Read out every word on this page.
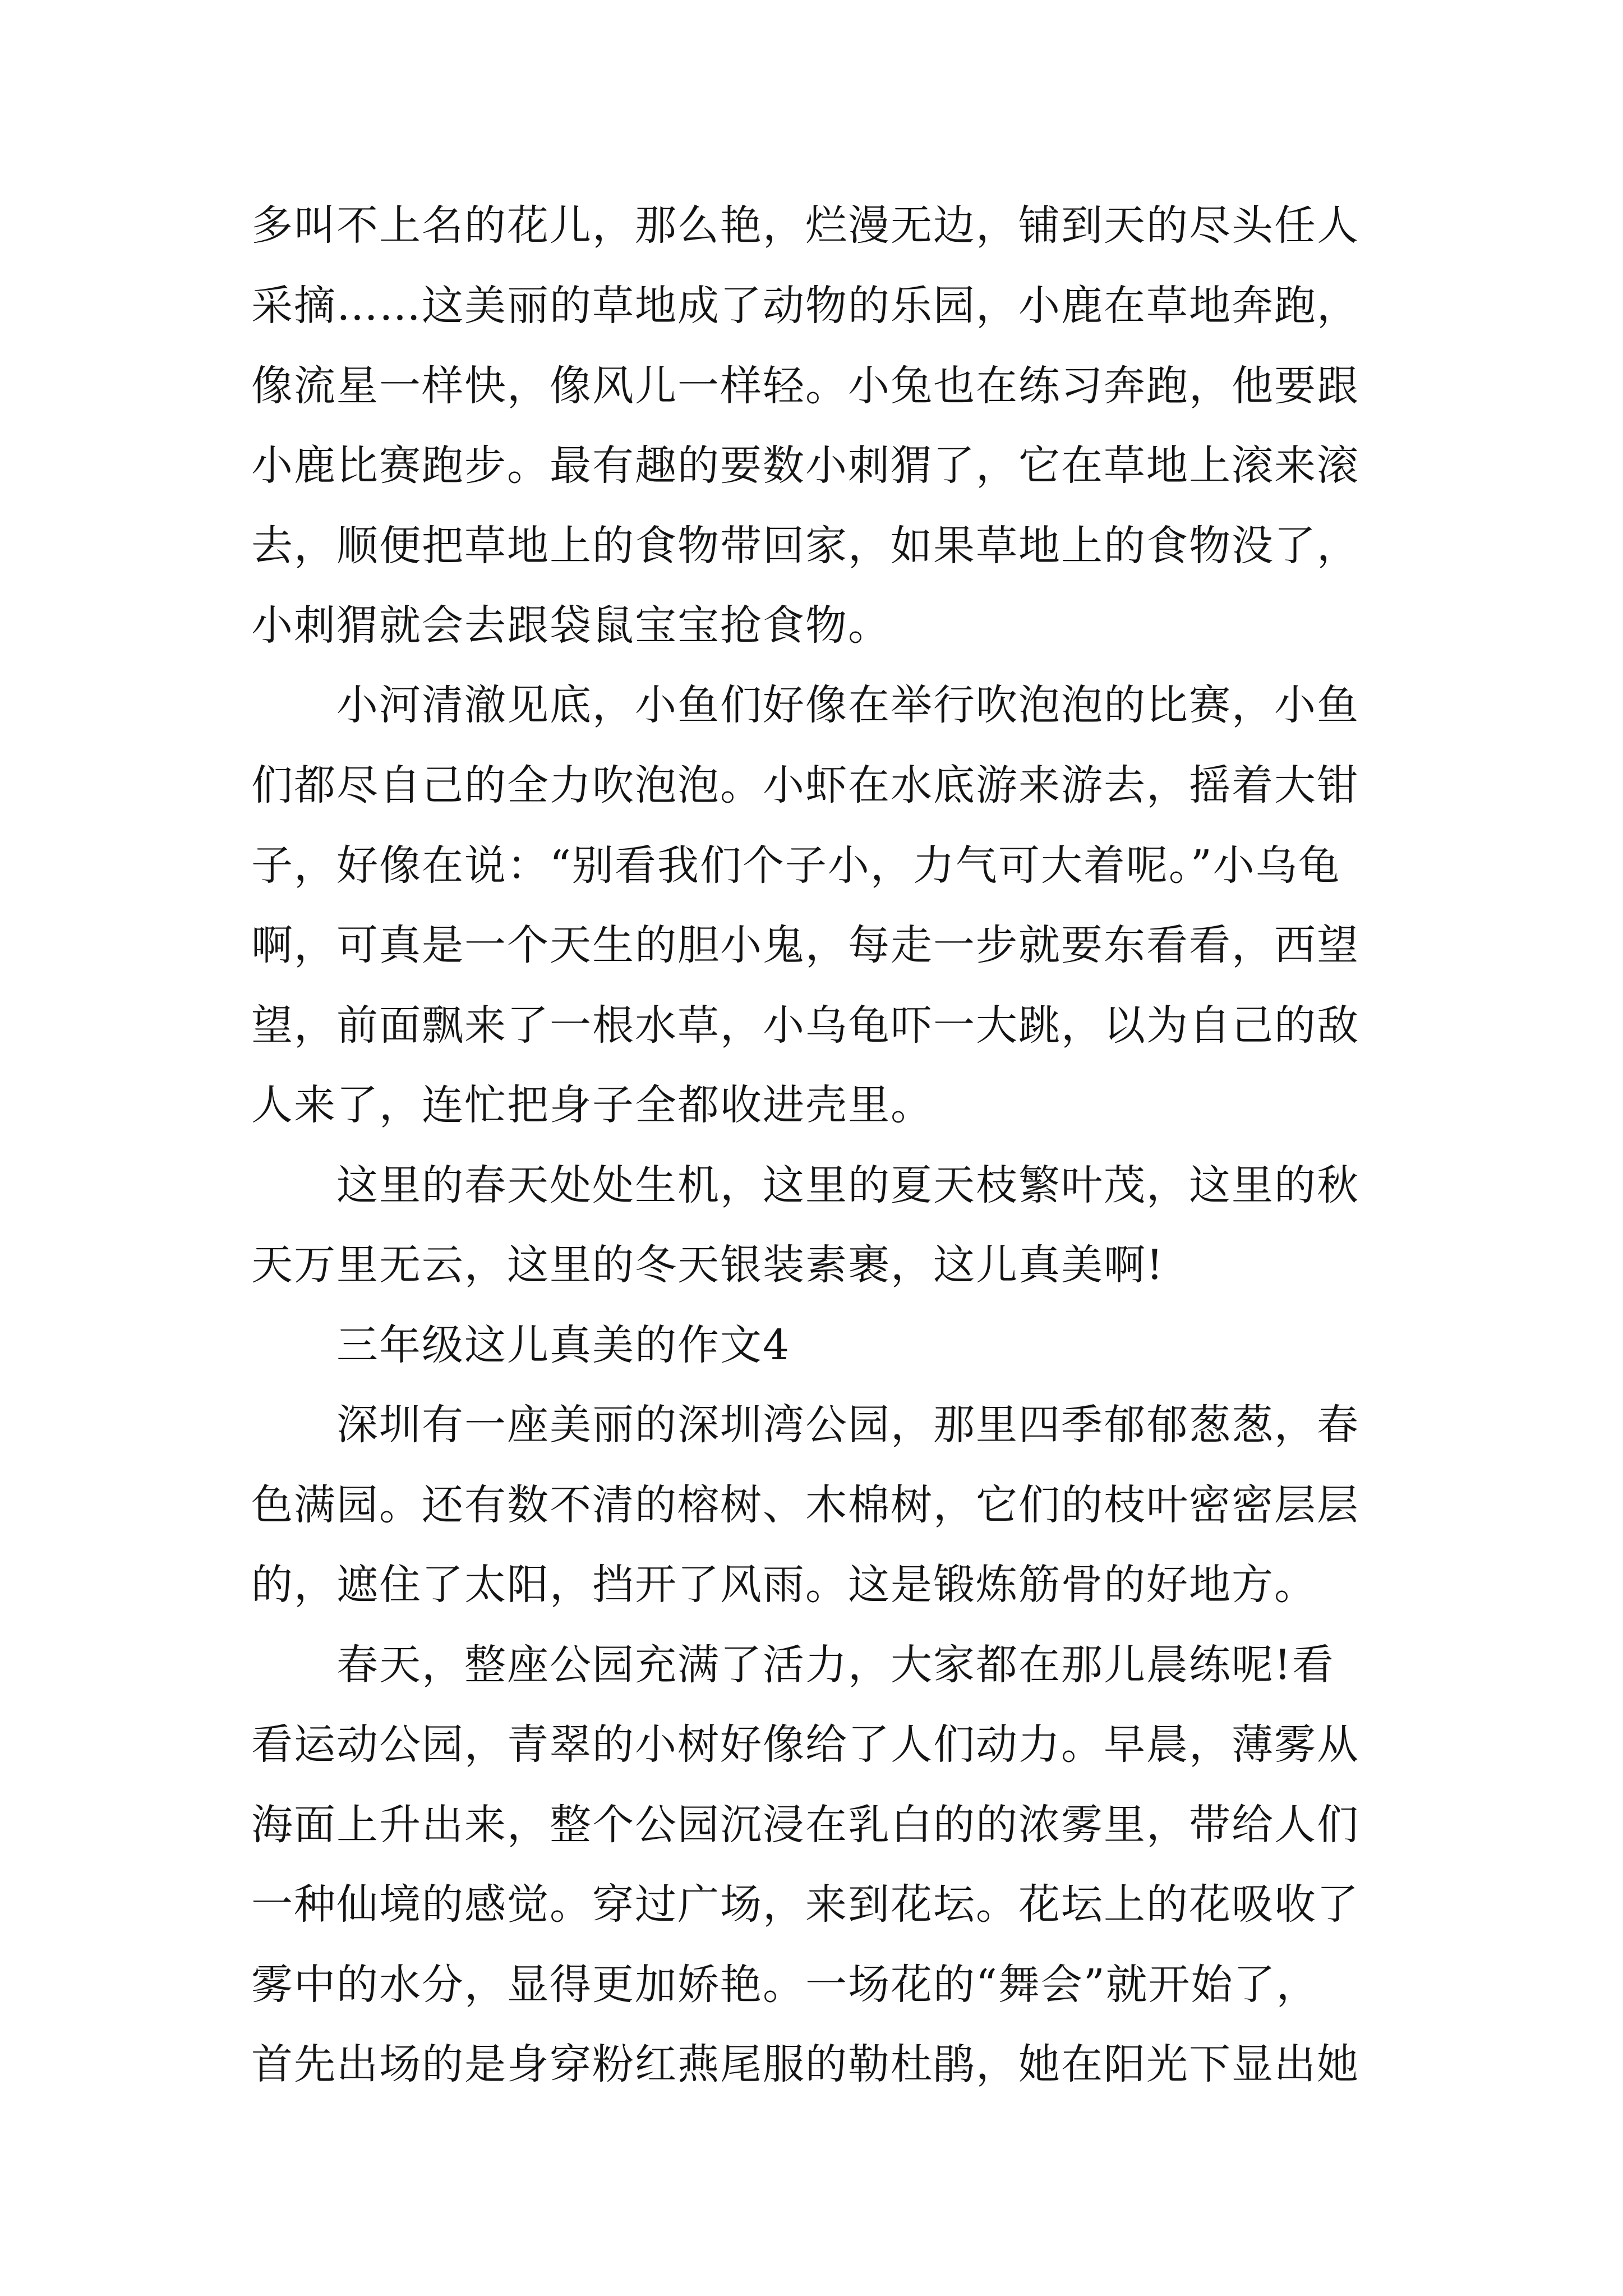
多叫不上名的花儿，那么艳，烂漫无边，铺到天的尽头任人
采摘……这美丽的草地成了动物的乐园，小鹿在草地奔跑，
像流星一样快，像风儿一样轻。小兔也在练习奔跑，他要跟
小鹿比赛跑步。最有趣的要数小刺猬了，它在草地上滚来滚
去，顺便把草地上的食物带回家，如果草地上的食物没了，
小刺猬就会去跟袋鼠宝宝抢食物。
小河清澈见底，小鱼们好像在举行吹泡泡的比赛，小鱼
们都尽自己的全力吹泡泡。小虾在水底游来游去，摇着大钳
子，好像在说：“别看我们个子小，力气可大着呢。”小乌龟
啊，可真是一个天生的胆小鬼，每走一步就要东看看，西望
望，前面飘来了一根水草，小乌龟吓一大跳，以为自己的敌
人来了，连忙把身子全都收进壳里。
这里的春天处处生机，这里的夏天枝繁叶茂，这里的秋
天万里无云，这里的冬天银装素裹，这儿真美啊!
三年级这儿真美的作文4
深圳有一座美丽的深圳湾公园，那里四季郁郁葱葱，春
色满园。还有数不清的榕树、木棉树，它们的枝叶密密层层
的，遮住了太阳，挡开了风雨。这是锻炼筋骨的好地方。
春天，整座公园充满了活力，大家都在那儿晨练呢!看
看运动公园，青翠的小树好像给了人们动力。早晨，薄雾从
海面上升出来，整个公园沉浸在乳白的的浓雾里，带给人们
一种仙境的感觉。穿过广场，来到花坛。花坛上的花吸收了
雾中的水分，显得更加娇艳。一场花的“舞会”就开始了，
首先出场的是身穿粉红燕尾服的勒杜鹃，她在阳光下显出她
